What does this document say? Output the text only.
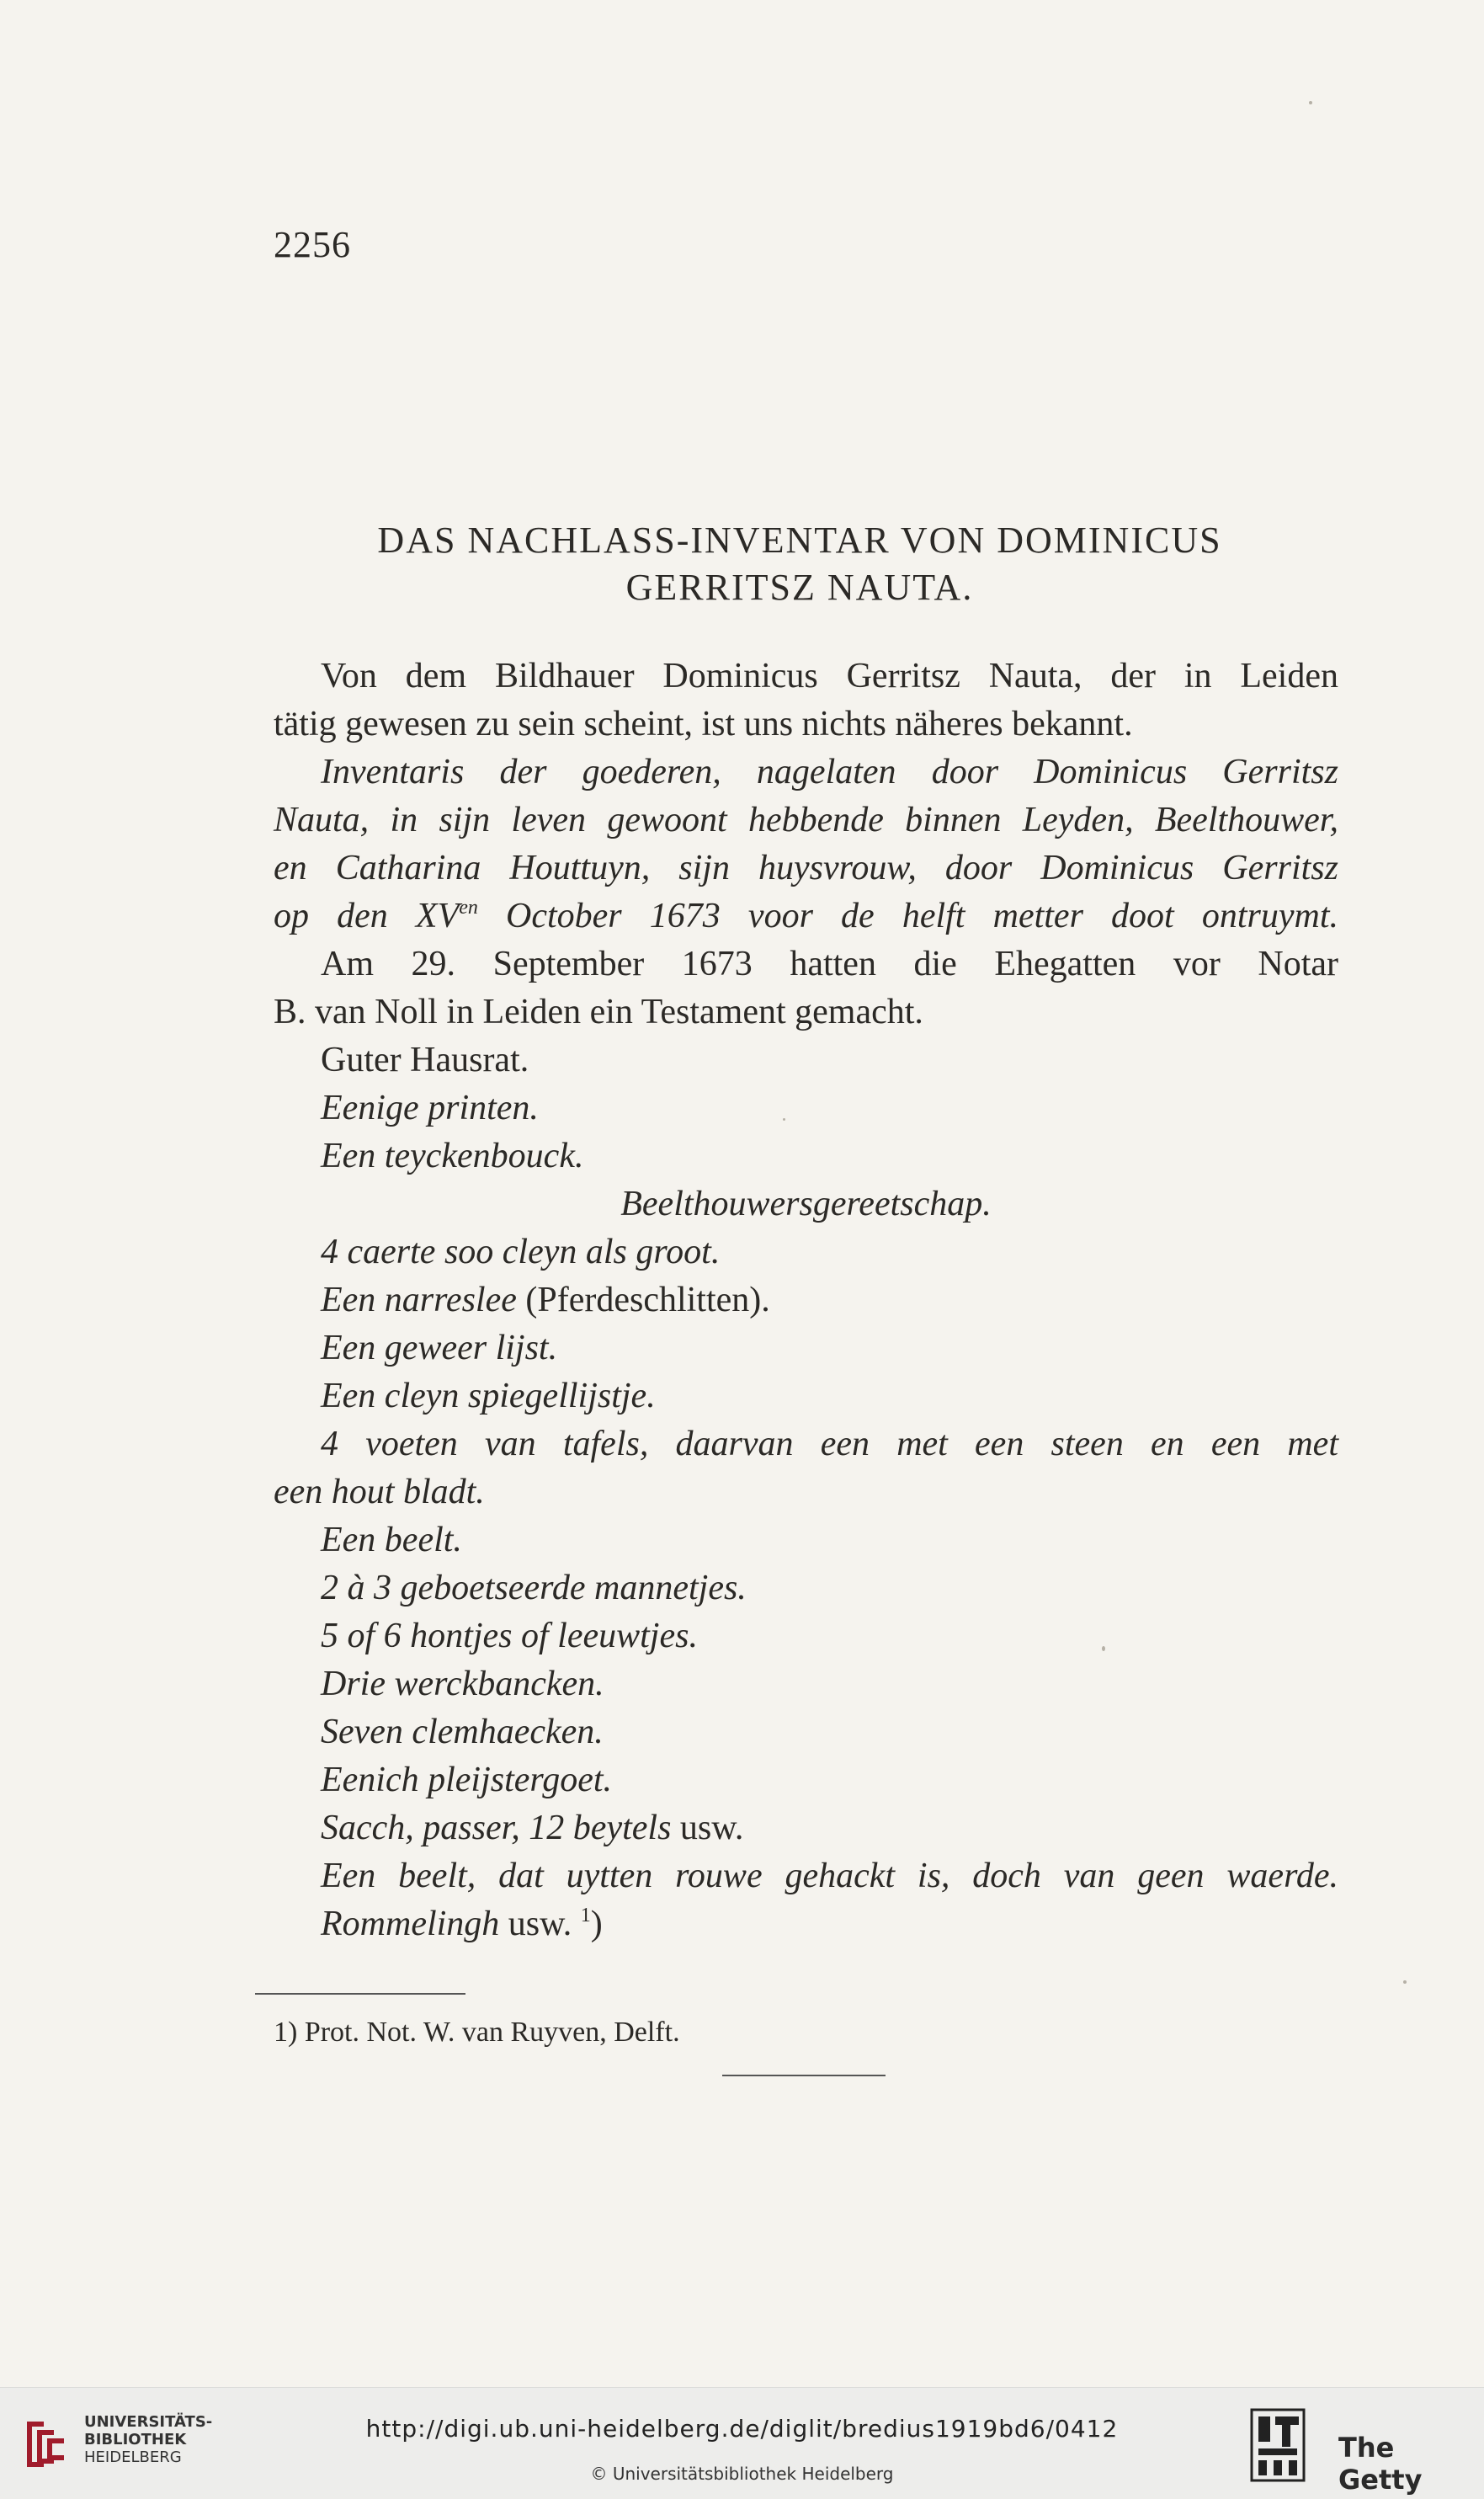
2256
DAS NACHLASS-INVENTAR VON DOMINICUS
GERRITSZ NAUTA.
Von dem Bildhauer Dominicus Gerritsz Nauta, der in Leiden
tätig gewesen zu sein scheint, ist uns nichts näheres bekannt.
Inventaris der goederen, nagelaten door Dominicus Gerritsz
Nauta, in sijn leven gewoont hebbende binnen Leyden, Beelthouwer,
en Catharina Houttuyn, sijn huysvrouw, door Dominicus Gerritsz
op den $XV^{en}$ October 1673 voor de helft metter doot ontruymt.
Am 29. September 1673 hatten die Ehegatten vor Notar
B. van Noll in Leiden ein Testament gemacht.
Guter Hausrat.
Eenige printen.
Een teyckenbouck.
Beelthouwersgereetschap.
4 caerte soo cleyn als groot.
Een narreslee (Pferdeschlitten).
Een geweer lijst.
Een cleyn spiegellijstje.
4 voeten van tafels, daarvan een met een steen en een met
een hout bladt.
Een beelt.
2 à 3 geboetseerde mannetjes.
5 of 6 hontjes of leeuwtjes.
Drie werckbancken.
Seven clemhaecken.
Eenich pleijstergoet.
Sacch, passer, 12 beytels usw.
Een beelt, dat uytten rouwe gehackt is, doch van geen waerde.
Rommelingh usw. $^1$)
1) Prot. Not. W. van Ruyven, Delft.
UNIVERSITÄTS-
BIBLIOTHEK
HEIDELBERG
http://digi.ub.uni-heidelberg.de/diglit/bredius1919bd6/0412
© Universitätsbibliothek Heidelberg
The Getty
